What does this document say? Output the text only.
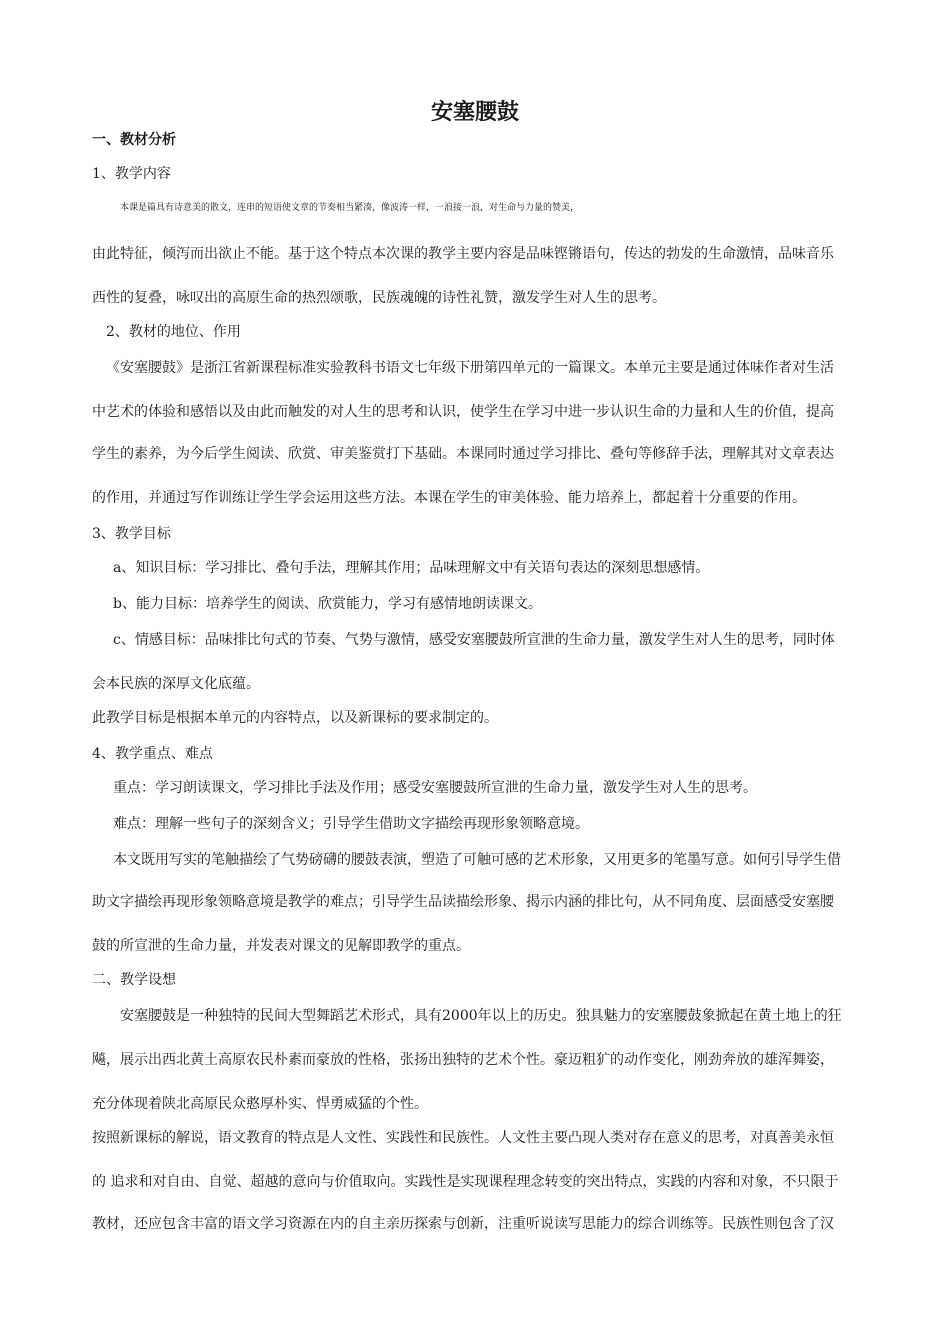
安塞腰鼓
一、教材分析
1、教学内容
本课是篇具有诗意美的散文，连串的短语使文章的节奏相当紧凑，像波涛一样，一浪接一浪，对生命与力量的赞美，
由此特征，倾泻而出欲止不能。基于这个特点本次课的教学主要内容是品味铿锵语句，传达的勃发的生命激情，品味音乐
西性的复叠，咏叹出的高原生命的热烈颂歌，民族魂魄的诗性礼赞，激发学生对人生的思考。
2、教材的地位、作用
《安塞腰鼓》是浙江省新课程标准实验教科书语文七年级下册第四单元的一篇课文。本单元主要是通过体味作者对生活
中艺术的体验和感悟以及由此而触发的对人生的思考和认识，使学生在学习中进一步认识生命的力量和人生的价值，提高
学生的素养，为今后学生阅读、欣赏、审美鉴赏打下基础。本课同时通过学习排比、叠句等修辞手法，理解其对文章表达
的作用，并通过写作训练让学生学会运用这些方法。本课在学生的审美体验、能力培养上，都起着十分重要的作用。
3、教学目标
a、知识目标：学习排比、叠句手法，理解其作用；品味理解文中有关语句表达的深刻思想感情。
b、能力目标：培养学生的阅读、欣赏能力，学习有感情地朗读课文。
c、情感目标：品味排比句式的节奏、气势与激情，感受安塞腰鼓所宣泄的生命力量，激发学生对人生的思考，同时体
会本民族的深厚文化底蕴。
此教学目标是根据本单元的内容特点，以及新课标的要求制定的。
4、教学重点、难点
重点：学习朗读课文，学习排比手法及作用；感受安塞腰鼓所宣泄的生命力量，激发学生对人生的思考。
难点：理解一些句子的深刻含义；引导学生借助文字描绘再现形象领略意境。
本文既用写实的笔触描绘了气势磅礴的腰鼓表演，塑造了可触可感的艺术形象，又用更多的笔墨写意。如何引导学生借
助文字描绘再现形象领略意境是教学的难点；引导学生品读描绘形象、揭示内涵的排比句，从不同角度、层面感受安塞腰
鼓的所宣泄的生命力量，并发表对课文的见解即教学的重点。
二、教学设想
安塞腰鼓是一种独特的民间大型舞蹈艺术形式，具有2000年以上的历史。独具魅力的安塞腰鼓象掀起在黄土地上的狂
飚，展示出西北黄土高原农民朴素而豪放的性格，张扬出独特的艺术个性。豪迈粗犷的动作变化，刚劲奔放的雄浑舞姿，
充分体现着陕北高原民众憨厚朴实、悍勇威猛的个性。
按照新课标的解说，语文教育的特点是人文性、实践性和民族性。人文性主要凸现人类对存在意义的思考，对真善美永恒
的 追求和对自由、自觉、超越的意向与价值取向。实践性是实现课程理念转变的突出特点，实践的内容和对象，不只限于
教材，还应包含丰富的语文学习资源在内的自主亲历探索与创新，注重听说读写思能力的综合训练等。民族性则包含了汉
